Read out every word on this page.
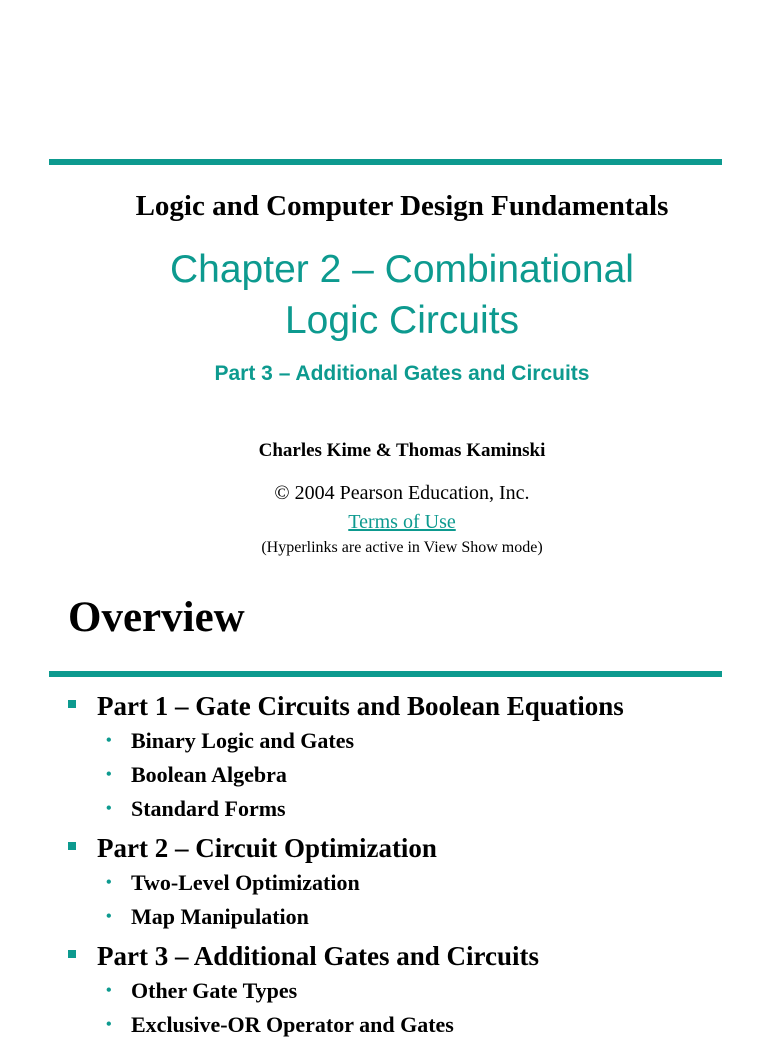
Logic and Computer Design Fundamentals
Chapter 2 – Combinational
Logic Circuits
Part 3 – Additional Gates and Circuits
Charles Kime & Thomas Kaminski
© 2004 Pearson Education, Inc.
Terms of Use
(Hyperlinks are active in View Show mode)
Overview
Part 1 – Gate Circuits and Boolean Equations
• Binary Logic and Gates
• Boolean Algebra
• Standard Forms
Part 2 – Circuit Optimization
• Two-Level Optimization
• Map Manipulation
Part 3 – Additional Gates and Circuits
• Other Gate Types
• Exclusive-OR Operator and Gates
